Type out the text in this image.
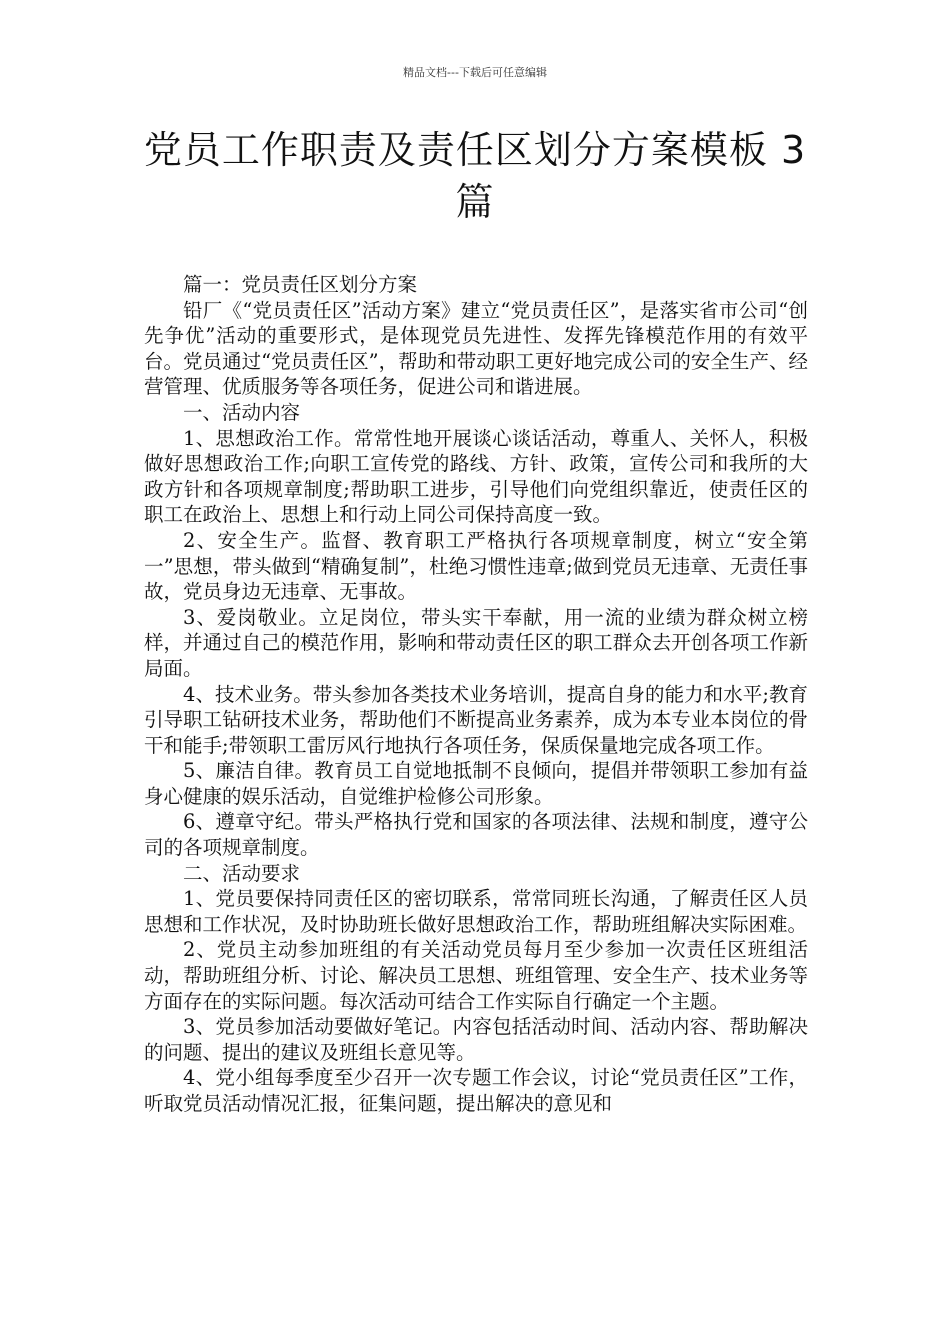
精品文档---下载后可任意编辑
党员工作职责及责任区划分方案模板 3 篇

篇一：党员责任区划分方案

铅厂《“党员责任区”活动方案》建立“党员责任区”，是落实省市公司“创先争优”活动的重要形式，是体现党员先进性、发挥先锋模范作用的有效平台。党员通过“党员责任区”，帮助和带动职工更好地完成公司的安全生产、经营管理、优质服务等各项任务，促进公司和谐进展。

一、活动内容

1、思想政治工作。常常性地开展谈心谈话活动，尊重人、关怀人，积极做好思想政治工作;向职工宣传党的路线、方针、政策，宣传公司和我所的大政方针和各项规章制度;帮助职工进步，引导他们向党组织靠近，使责任区的职工在政治上、思想上和行动上同公司保持高度一致。

2、安全生产。监督、教育职工严格执行各项规章制度，树立“安全第一”思想，带头做到“精确复制”，杜绝习惯性违章;做到党员无违章、无责任事故，党员身边无违章、无事故。

3、爱岗敬业。立足岗位，带头实干奉献，用一流的业绩为群众树立榜样，并通过自己的模范作用，影响和带动责任区的职工群众去开创各项工作新局面。

4、技术业务。带头参加各类技术业务培训，提高自身的能力和水平;教育引导职工钻研技术业务，帮助他们不断提高业务素养，成为本专业本岗位的骨干和能手;带领职工雷厉风行地执行各项任务，保质保量地完成各项工作。

5、廉洁自律。教育员工自觉地抵制不良倾向，提倡并带领职工参加有益身心健康的娱乐活动，自觉维护检修公司形象。

6、遵章守纪。带头严格执行党和国家的各项法律、法规和制度，遵守公司的各项规章制度。

二、活动要求

1、党员要保持同责任区的密切联系，常常同班长沟通，了解责任区人员思想和工作状况，及时协助班长做好思想政治工作，帮助班组解决实际困难。

2、党员主动参加班组的有关活动党员每月至少参加一次责任区班组活动，帮助班组分析、讨论、解决员工思想、班组管理、安全生产、技术业务等方面存在的实际问题。每次活动可结合工作实际自行确定一个主题。

3、党员参加活动要做好笔记。内容包括活动时间、活动内容、帮助解决的问题、提出的建议及班组长意见等。

4、党小组每季度至少召开一次专题工作会议，讨论“党员责任区”工作，听取党员活动情况汇报，征集问题，提出解决的意见和
